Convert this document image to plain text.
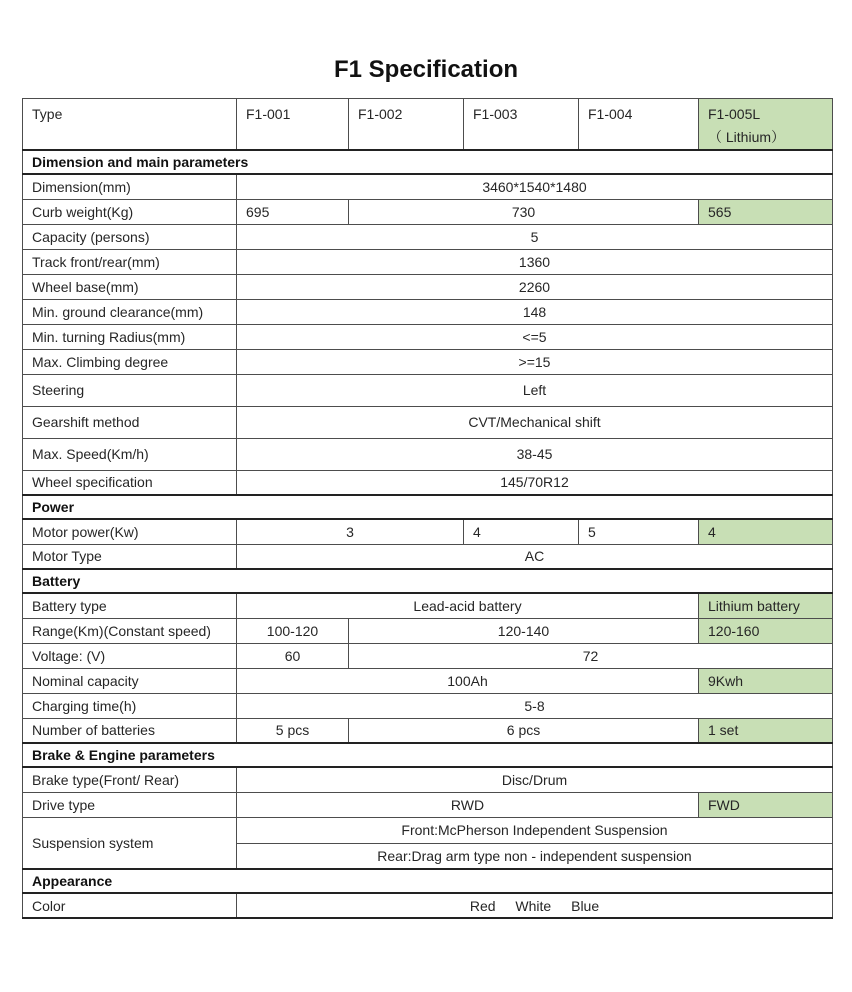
F1 Specification
Type	F1-001	F1-002	F1-003	F1-004	F1-005L
（ Lithium）

Dimension and main parameters					
Dimension(mm)	3460*1540*1480				
Curb weight(Kg)	695	730			565
Capacity (persons)	5				
Track front/rear(mm)	1360				
Wheel base(mm)	2260				
Min. ground clearance(mm)	148				
Min. turning Radius(mm)	<=5				
Max. Climbing degree	>=15				
Steering	Left				
Gearshift method	CVT/Mechanical shift				
Max. Speed(Km/h)	38-45				
Wheel specification	145/70R12				
Power					
Motor power(Kw)	3		4	5	4
Motor Type	AC				
Battery					
Battery type	Lead-acid battery				Lithium battery
Range(Km)(Constant speed)	100-120	120-140			120-160
Voltage: (V)	60	72			
Nominal capacity	100Ah				9Kwh
Charging time(h)	5-8				
Number of batteries	5 pcs	6 pcs			1 set
Brake & Engine parameters					
Brake type(Front/ Rear)	Disc/Drum				
Drive type	RWD				FWD
Suspension system	Front:McPherson Independent Suspension				
	Rear:Drag arm type non - independent suspension				
Appearance					
Color	Red White Blue				
